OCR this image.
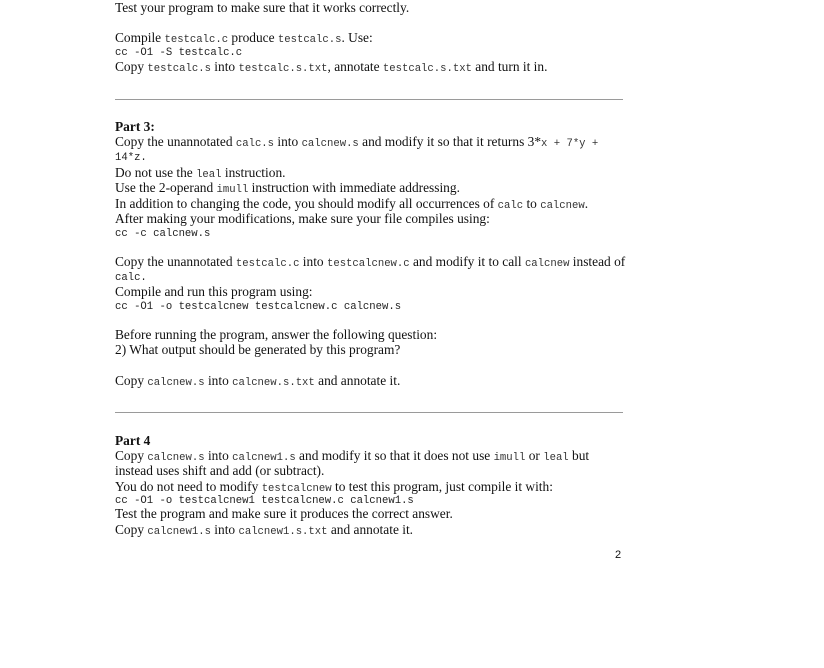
Test your program to make sure that it works correctly.
Compile testcalc.c produce testcalc.s. Use:
cc -O1 -S testcalc.c
Copy testcalc.s into testcalc.s.txt, annotate testcalc.s.txt and turn it in.
Part 3:
Copy the unannotated calc.s into calcnew.s and modify it so that it returns 3*x + 7*y +
14*z.
Do not use the leal instruction.
Use the 2-operand imull instruction with immediate addressing.
In addition to changing the code, you should modify all occurrences of calc to calcnew.
After making your modifications, make sure your file compiles using:
cc -c calcnew.s
Copy the unannotated testcalc.c into testcalcnew.c and modify it to call calcnew instead of
calc.
Compile and run this program using:
cc -O1 -o testcalcnew testcalcnew.c calcnew.s
Before running the program, answer the following question:
2) What output should be generated by this program?
Copy calcnew.s into calcnew.s.txt and annotate it.
Part 4
Copy calcnew.s into calcnew1.s and modify it so that it does not use imull or leal but
instead uses shift and add (or subtract).
You do not need to modify testcalcnew to test this program, just compile it with:
cc -O1 -o testcalcnew1 testcalcnew.c calcnew1.s
Test the program and make sure it produces the correct answer.
Copy calcnew1.s into calcnew1.s.txt and annotate it.
2
